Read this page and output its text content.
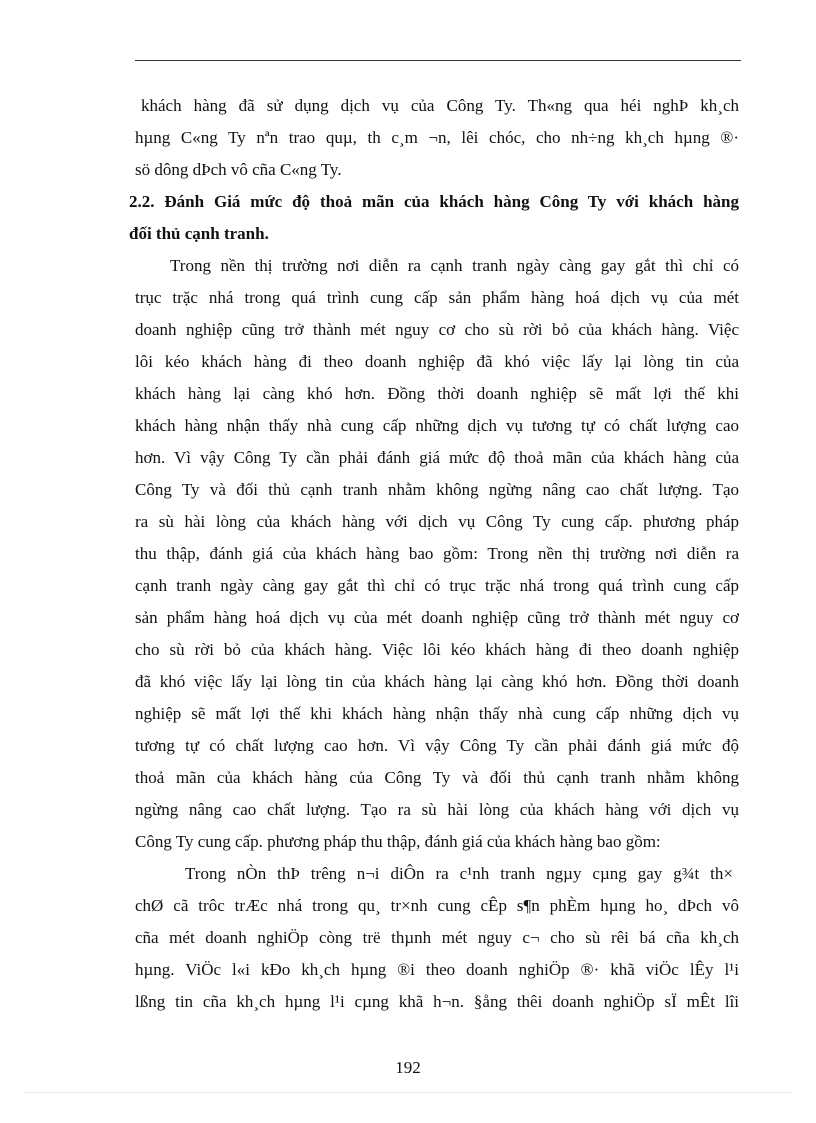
khách hàng đã sử dụng dịch vụ của Công Ty. Th«ng qua héi nghÞ kh¸ch
hµng C«ng Ty nªn trao quµ, th c¸m ¬n, lêi chóc, cho nh÷ng kh¸ch hµng ®·
sö dông dÞch vô cña C«ng Ty.
2.2. Đánh Giá mức độ thoả mãn của khách hàng Công Ty với khách hàng
đối thủ cạnh tranh.
Trong nền thị trường nơi diễn ra cạnh tranh ngày càng gay gắt thì chỉ có
trục trặc nhá trong quá trình cung cấp sản phẩm hàng hoá dịch vụ của mét
doanh nghiệp cũng trở thành mét nguy cơ cho sù rời bỏ của khách hàng. Việc
lôi kéo khách hàng đi theo doanh nghiệp đã khó việc lấy lại lòng tin của
khách hàng lại càng khó hơn. Đồng thời doanh nghiệp sẽ mất lợi thế khi
khách hàng nhận thấy nhà cung cấp những dịch vụ tương tự có chất lượng cao
hơn. Vì vậy Công Ty cần phải đánh giá mức độ thoả mãn của khách hàng của
Công Ty và đối thủ cạnh tranh nhằm không ngừng nâng cao chất lượng. Tạo
ra sù hài lòng của khách hàng với dịch vụ Công Ty cung cấp. phương pháp
thu thập, đánh giá của khách hàng bao gồm: Trong nền thị trường nơi diễn ra
cạnh tranh ngày càng gay gắt thì chỉ có trục trặc nhá trong quá trình cung cấp
sản phẩm hàng hoá dịch vụ của mét doanh nghiệp cũng trở thành mét nguy cơ
cho sù rời bỏ của khách hàng. Việc lôi kéo khách hàng đi theo doanh nghiệp
đã khó việc lấy lại lòng tin của khách hàng lại càng khó hơn. Đồng thời doanh
nghiệp sẽ mất lợi thế khi khách hàng nhận thấy nhà cung cấp những dịch vụ
tương tự có chất lượng cao hơn. Vì vậy Công Ty cần phải đánh giá mức độ
thoả mãn của khách hàng của Công Ty và đối thủ cạnh tranh nhằm không
ngừng nâng cao chất lượng. Tạo ra sù hài lòng của khách hàng với dịch vụ
Công Ty cung cấp. phương pháp thu thập, đánh giá của khách hàng bao gồm:
Trong nÒn thÞ trêng n¬i diÔn ra c¹nh tranh ngµy cµng gay g¾t th×
chØ cã trôc trÆc nhá trong qu¸ tr×nh cung cÊp s¶n phÈm hµng ho¸ dÞch vô
cña mét doanh nghiÖp còng trë thµnh mét nguy c¬ cho sù rêi bá cña kh¸ch
hµng. ViÖc l«i kÐo kh¸ch hµng ®i theo doanh nghiÖp ®· khã viÖc lÊy l¹i
lßng tin cña kh¸ch hµng l¹i cµng khã h¬n. §ång thêi doanh nghiÖp sÏ mÊt lîi
192
